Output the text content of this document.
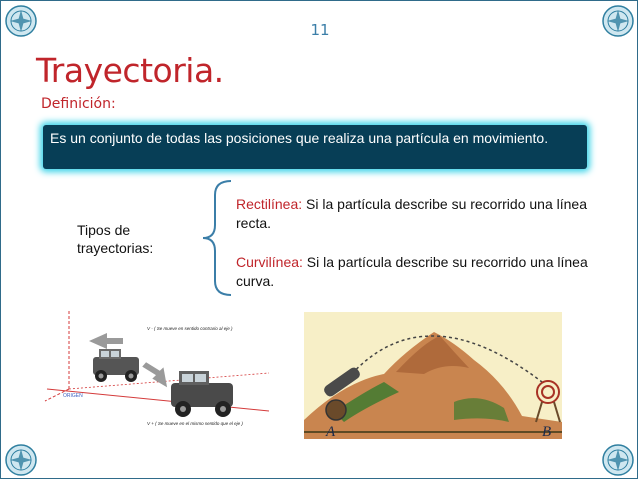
11
Trayectoria.
Definición:
Es un conjunto de todas las posiciones que realiza una partícula en movimiento.
Tipos de trayectorias:
Rectilínea: Si la partícula describe su recorrido una línea recta.
Curvilínea: Si la partícula describe su recorrido una línea curva.
V - ( Se mueve en sentido contrario al eje )
V + ( Se mueve en el mismo sentido que el eje )
ORIGEN
A	B
